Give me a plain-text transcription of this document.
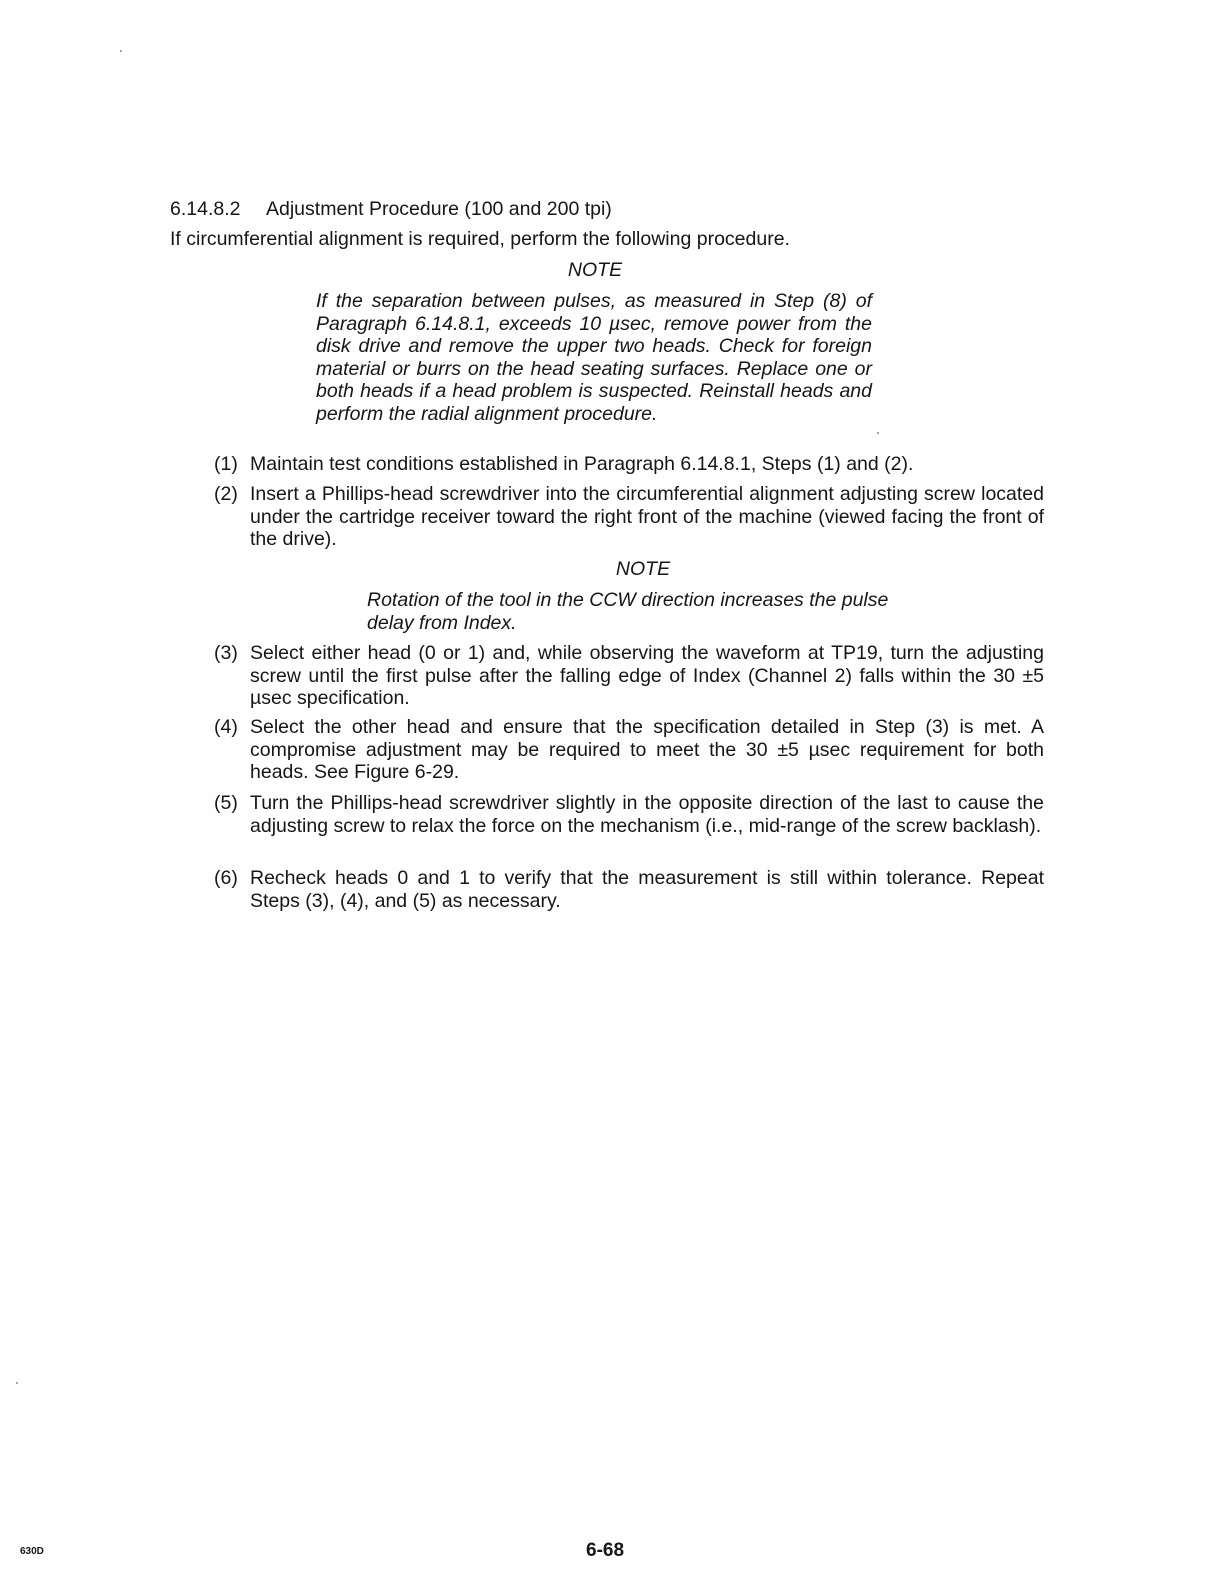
6.14.8.2 Adjustment Procedure (100 and 200 tpi)
If circumferential alignment is required, perform the following procedure.
NOTE
If the separation between pulses, as measured in Step (8) of Paragraph 6.14.8.1, exceeds 10 µsec, remove power from the disk drive and remove the upper two heads. Check for foreign material or burrs on the head seating surfaces. Replace one or both heads if a head problem is suspected. Reinstall heads and perform the radial alignment procedure.
(1) Maintain test conditions established in Paragraph 6.14.8.1, Steps (1) and (2).
(2) Insert a Phillips-head screwdriver into the circumferential alignment adjusting screw located under the cartridge receiver toward the right front of the machine (viewed facing the front of the drive).
NOTE
Rotation of the tool in the CCW direction increases the pulse delay from Index.
(3) Select either head (0 or 1) and, while observing the waveform at TP19, turn the adjusting screw until the first pulse after the falling edge of Index (Channel 2) falls within the 30 ±5 µsec specification.
(4) Select the other head and ensure that the specification detailed in Step (3) is met. A compromise adjustment may be required to meet the 30 ±5 µsec requirement for both heads. See Figure 6-29.
(5) Turn the Phillips-head screwdriver slightly in the opposite direction of the last to cause the adjusting screw to relax the force on the mechanism (i.e., mid-range of the screw backlash).
(6) Recheck heads 0 and 1 to verify that the measurement is still within tolerance. Repeat Steps (3), (4), and (5) as necessary.
630D	6-68
